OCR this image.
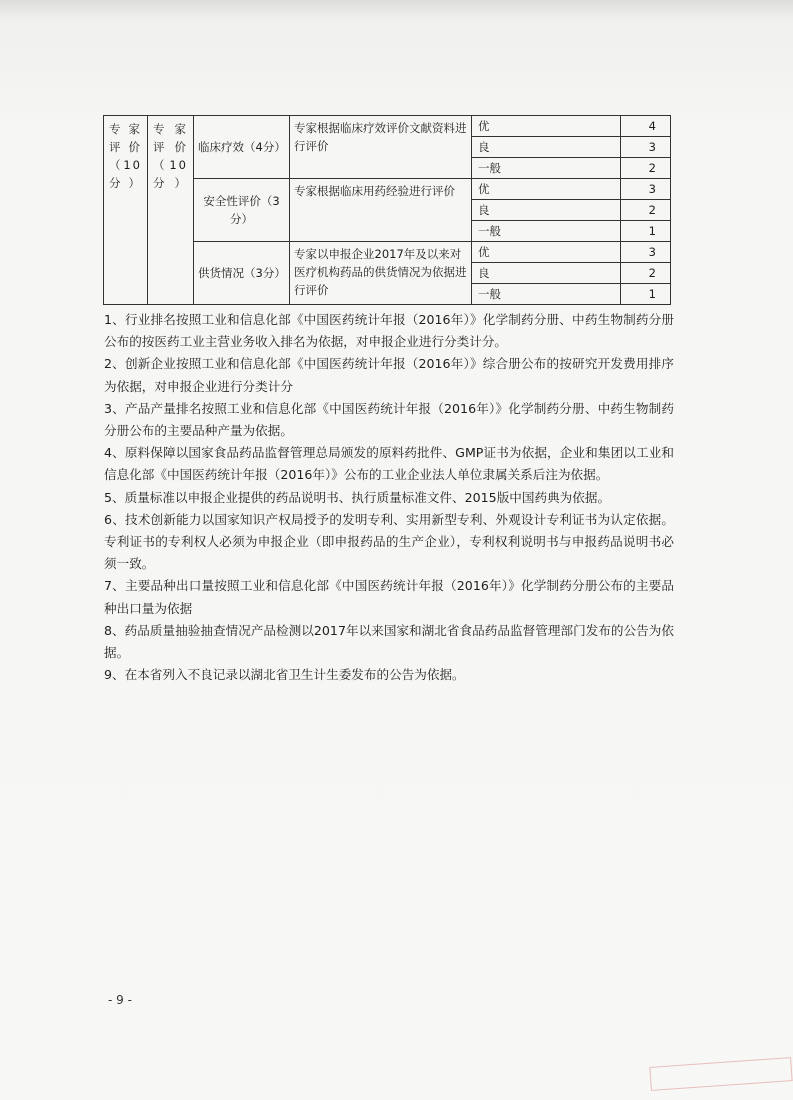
专家评价（10分）	专家评价（10分）	临床疗效（4分）	专家根据临床疗效评价文献资料进行评价	优	4
				良	3
				一般	2
		安全性评价（3分）	专家根据临床用药经验进行评价	优	3
				良	2
				一般	1
		供货情况（3分）	专家以申报企业2017年及以来对医疗机构药品的供货情况为依据进行评价	优	3
				良	2
				一般	1
1、行业排名按照工业和信息化部《中国医药统计年报（2016年）》化学制药分册、中药生物制药分册公布的按医药工业主营业务收入排名为依据，对申报企业进行分类计分。
2、创新企业按照工业和信息化部《中国医药统计年报（2016年）》综合册公布的按研究开发费用排序为依据，对申报企业进行分类计分
3、产品产量排名按照工业和信息化部《中国医药统计年报（2016年）》化学制药分册、中药生物制药分册公布的主要品种产量为依据。
4、原料保障以国家食品药品监督管理总局颁发的原料药批件、GMP证书为依据，企业和集团以工业和信息化部《中国医药统计年报（2016年）》公布的工业企业法人单位隶属关系后注为依据。
5、质量标准以申报企业提供的药品说明书、执行质量标准文件、2015版中国药典为依据。
6、技术创新能力以国家知识产权局授予的发明专利、实用新型专利、外观设计专利证书为认定依据。专利证书的专利权人必须为申报企业（即申报药品的生产企业），专利权利说明书与申报药品说明书必须一致。
7、主要品种出口量按照工业和信息化部《中国医药统计年报（2016年）》化学制药分册公布的主要品种出口量为依据
8、药品质量抽验抽查情况产品检测以2017年以来国家和湖北省食品药品监督管理部门发布的公告为依据。
9、在本省列入不良记录以湖北省卫生计生委发布的公告为依据。
- 9 -
